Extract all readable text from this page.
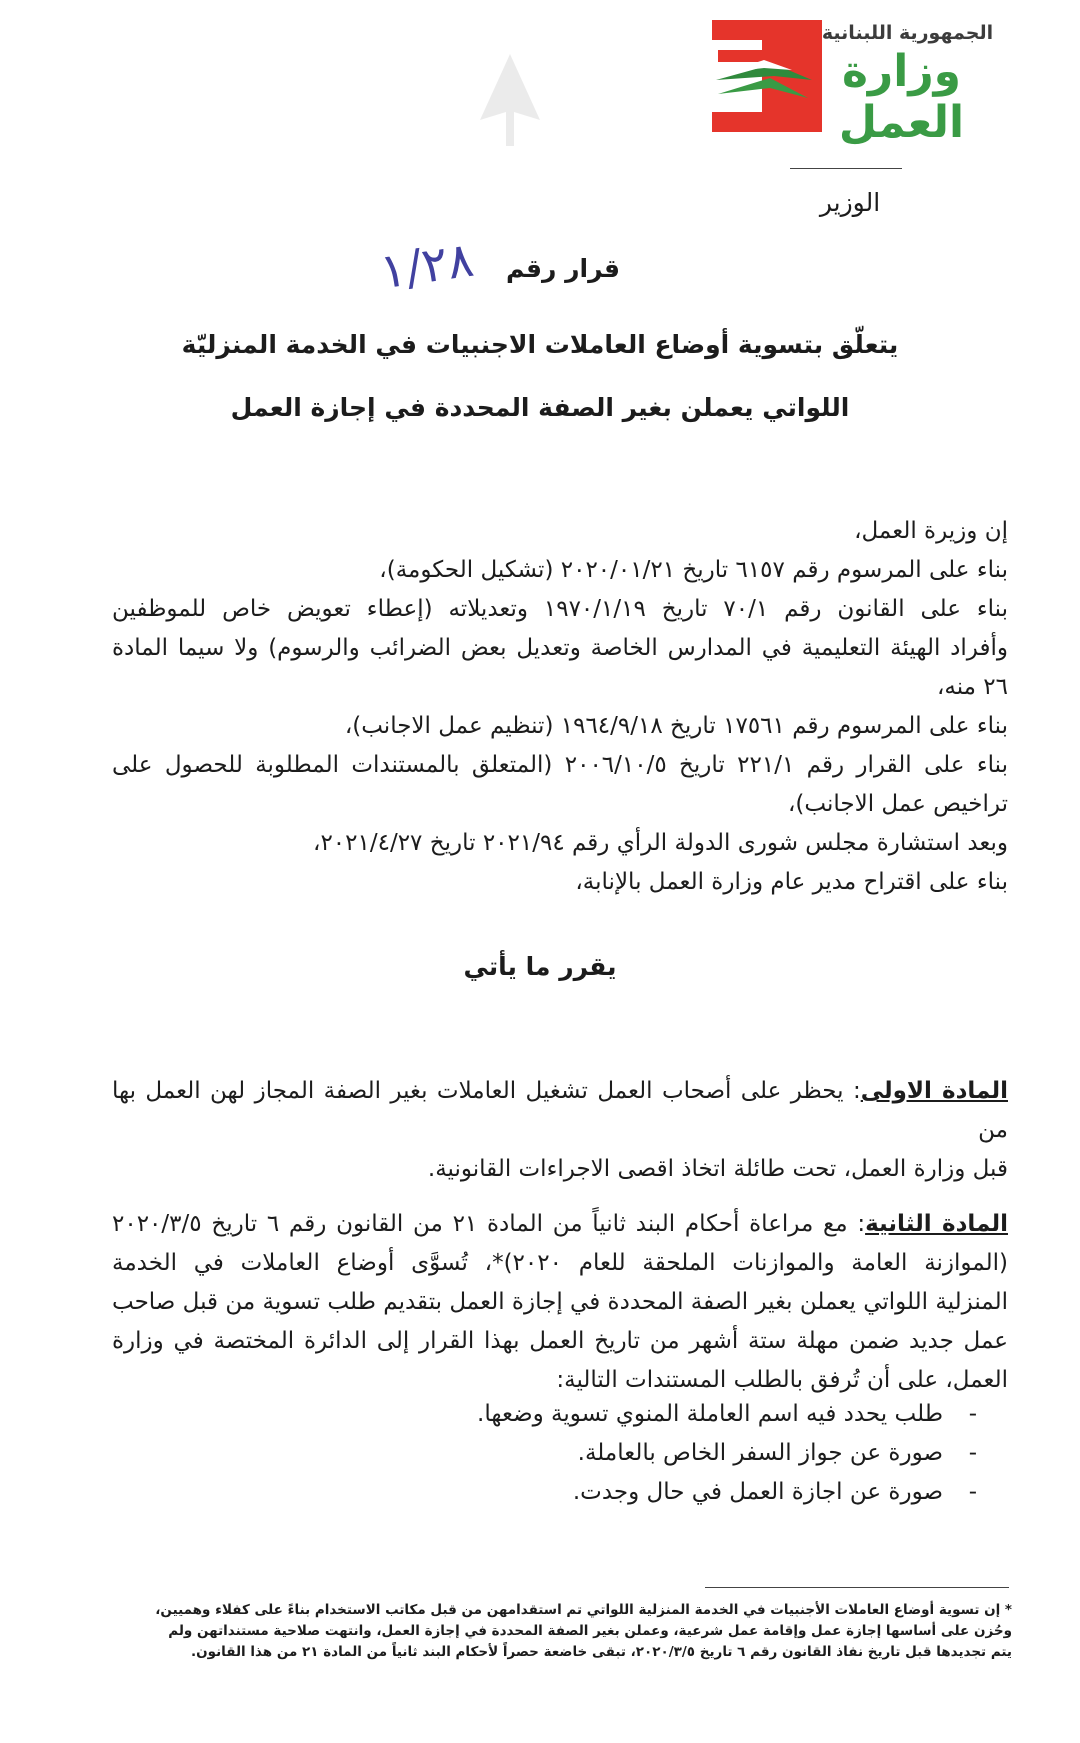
الجمهورية اللبنانية
وزارة العمل
الوزير
قرار رقم
١/٢٨
يتعلّق بتسوية أوضاع العاملات الاجنبيات في الخدمة المنزليّة
اللواتي يعملن بغير الصفة المحددة في إجازة العمل

إن وزيرة العمل،

بناء على المرسوم رقم ٦١٥٧ تاريخ ٢٠٢٠/٠١/٢١ (تشكيل الحكومة)،

بناء على القانون رقم ٧٠/١ تاريخ ١٩٧٠/١/١٩ وتعديلاته (إعطاء تعويض خاص للموظفين

وأفراد الهيئة التعليمية في المدارس الخاصة وتعديل بعض الضرائب والرسوم) ولا سيما المادة

٢٦ منه،

بناء على المرسوم رقم ١٧٥٦١ تاريخ ١٩٦٤/٩/١٨ (تنظيم عمل الاجانب)،

بناء على القرار رقم ٢٢١/١ تاريخ ٢٠٠٦/١٠/٥ (المتعلق بالمستندات المطلوبة للحصول على

تراخيص عمل الاجانب)،

وبعد استشارة مجلس شورى الدولة الرأي رقم ٢٠٢١/٩٤ تاريخ ٢٠٢١/٤/٢٧،

بناء على اقتراح مدير عام وزارة العمل بالإنابة،

يقرر ما يأتي

المادة الاولى: يحظر على أصحاب العمل تشغيل العاملات بغير الصفة المجاز لهن العمل بها من

قبل وزارة العمل، تحت طائلة اتخاذ اقصى الاجراءات القانونية.

المادة الثانية: مع مراعاة أحكام البند ثانياً من المادة ٢١ من القانون رقم ٦ تاريخ ٢٠٢٠/٣/٥

(الموازنة العامة والموازنات الملحقة للعام ٢٠٢٠)*، تُسوَّى أوضاع العاملات في الخدمة

المنزلية اللواتي يعملن بغير الصفة المحددة في إجازة العمل بتقديم طلب تسوية من قبل صاحب

عمل جديد ضمن مهلة ستة أشهر من تاريخ العمل بهذا القرار إلى الدائرة المختصة في وزارة

العمل، على أن تُرفق بالطلب المستندات التالية:

-
طلب يحدد فيه اسم العاملة المنوي تسوية وضعها.

-
صورة عن جواز السفر الخاص بالعاملة.

-
صورة عن اجازة العمل في حال وجدت.

* إن تسوية أوضاع العاملات الأجنبيات في الخدمة المنزلية اللواتي تم استقدامهن من قبل مكاتب الاستخدام بناءً على كفلاء وهميين،

وحُزن على أساسها إجازة عمل وإقامة عمل شرعية، وعملن بغير الصفة المحددة في إجازة العمل، وانتهت صلاحية مستنداتهن ولم

يتم تجديدها قبل تاريخ نفاذ القانون رقم ٦ تاريخ ٢٠٢٠/٣/٥، تبقى خاضعة حصراً لأحكام البند ثانياً من المادة ٢١ من هذا القانون.
